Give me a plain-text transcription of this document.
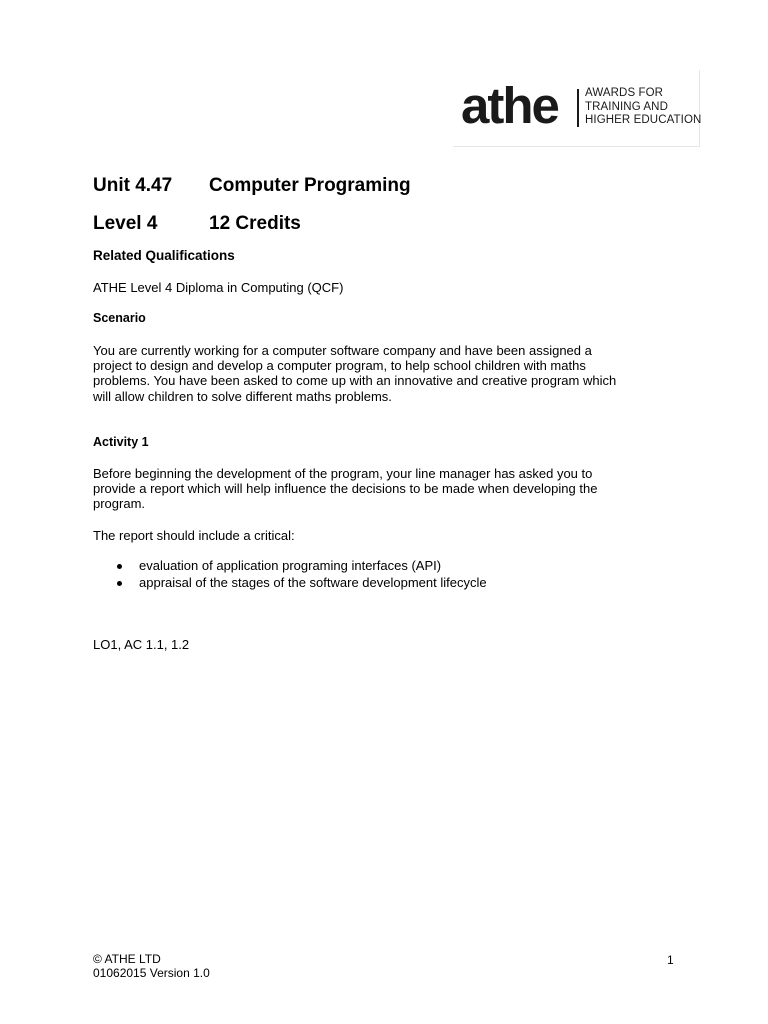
athe AWARDS FOR
TRAINING AND
HIGHER EDUCATION
Unit 4.47 Computer Programing
Level 4	12 Credits
Related Qualifications
ATHE Level 4 Diploma in Computing (QCF)
Scenario
You are currently working for a computer software company and have been assigned a
project to design and develop a computer program, to help school children with maths
problems. You have been asked to come up with an innovative and creative program which
will allow children to solve different maths problems.
Activity 1
Before beginning the development of the program, your line manager has asked you to
provide a report which will help influence the decisions to be made when developing the
program.
The report should include a critical:
evaluation of application programing interfaces (API)
appraisal of the stages of the software development lifecycle
LO1, AC 1.1, 1.2
© ATHE LTD
01062015 Version 1.0
1
